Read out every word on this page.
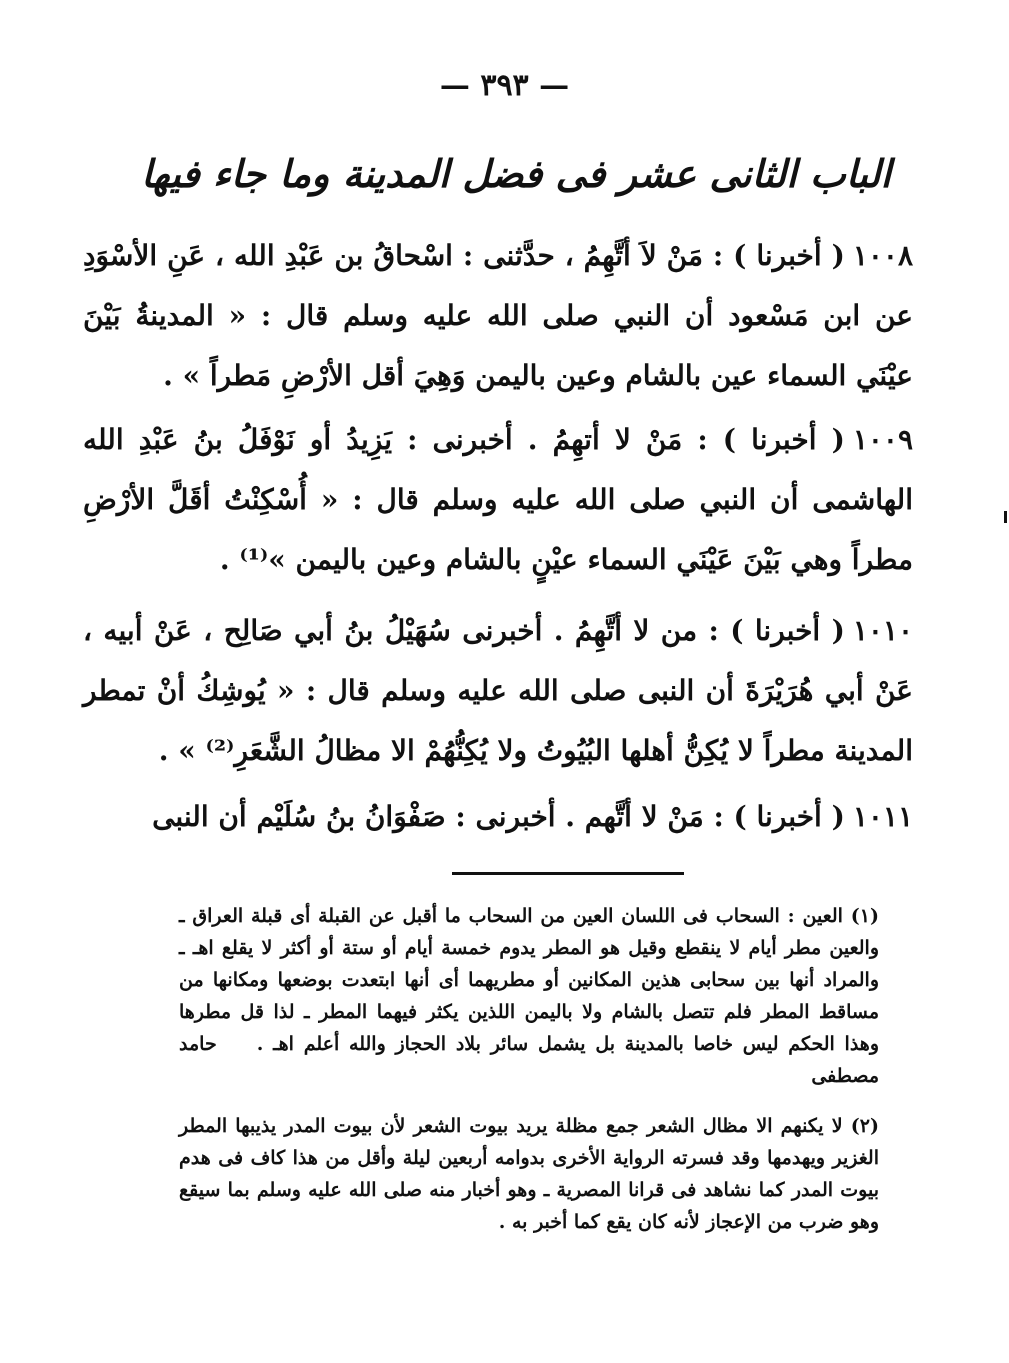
— ٣٩٣ —
الباب الثانى عشر فى فضل المدينة وما جاء فيها

١٠٠٨( أخبرنا ) : مَنْ لاَ أتَّهِمُ ، حدَّثنى : اسْحاقُ بن عَبْدِ الله ، عَنِ الأسْوَدِ عن ابن مَسْعود أن النبي صلى الله عليه وسلم قال : « المدينةُ بَيْنَ عيْنَي السماء عين بالشام وعين باليمن وَهِيَ أقل الأرْضِ مَطراً » .

١٠٠٩( أخبرنا ) : مَنْ لا أتهِمُ . أخبرنى : يَزِيدُ أو نَوْفَلُ بنُ عَبْدِ الله الهاشمى أن النبي صلى الله عليه وسلم قال : « أُسْكِنْتُ أقَلَّ الأرْضِ مطراً وهي بَيْنَ عَيْنَي السماء عيْنٍ بالشام وعين باليمن »⁽¹⁾ .

١٠١٠( أخبرنا ) : من لا أتَّهِمُ . أخبرنى سُهَيْلُ بنُ أبي صَالِح ، عَنْ أبيه ، عَنْ أبي هُرَيْرَةَ أن النبى صلى الله عليه وسلم قال : « يُوشِكُ أنْ تمطر المدينة مطراً لا يُكِنُّ أهلها البُيُوتُ ولا يُكِنُّهُمْ الا مظالُ الشَّعَرِ⁽²⁾ » .

١٠١١( أخبرنا ) : مَنْ لا أتَّهم . أخبرنى : صَفْوَانُ بنُ سُلَيْم أن النبى

(١) العين : السحاب فى اللسان العين من السحاب ما أقبل عن القبلة أى قبلة العراق ـ والعين مطر أيام لا ينقطع وقيل هو المطر يدوم خمسة أيام أو ستة أو أكثر لا يقلع اهـ ـ والمراد أنها بين سحابى هذين المكانين أو مطريهما أى أنها ابتعدت بوضعها ومكانها من مساقط المطر فلم تتصل بالشام ولا باليمن اللذين يكثر فيهما المطر ـ لذا قل مطرها وهذا الحكم ليس خاصا بالمدينة بل يشمل سائر بلاد الحجاز والله أعلم اهـ .حامد مصطفى

(٢) لا يكنهم الا مظال الشعر جمع مظلة يريد بيوت الشعر لأن بيوت المدر يذيبها المطر الغزير ويهدمها وقد فسرته الرواية الأخرى بدوامه أربعين ليلة وأقل من هذا كاف فى هدم بيوت المدر كما نشاهد فى قرانا المصرية ـ وهو أخبار منه صلى الله عليه وسلم بما سيقع وهو ضرب من الإعجاز لأنه كان يقع كما أخبر به .
